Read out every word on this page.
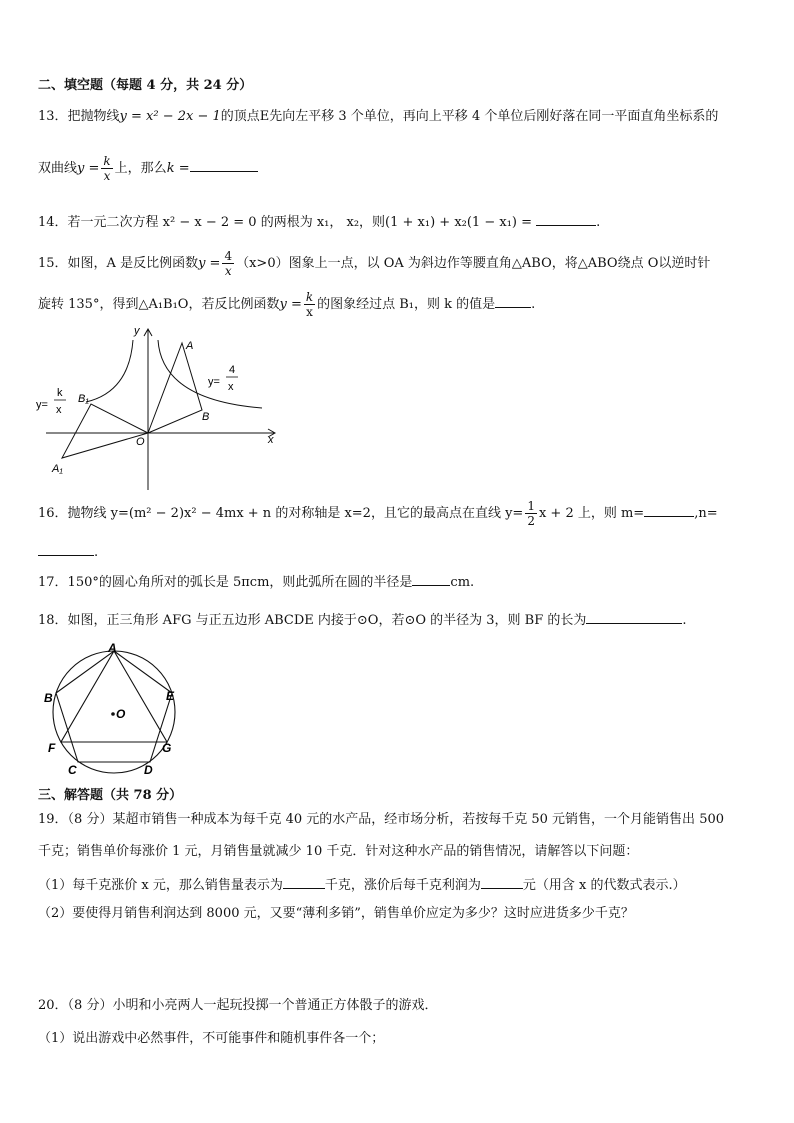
二、填空题（每题 4 分，共 24 分）
13．把抛物线y = x² − 2x − 1的顶点E先向左平移 3 个单位，再向上平移 4 个单位后刚好落在同一平面直角坐标系的
双曲线$y = \frac{k}{x}$ 上，那么k =
14．若一元二次方程 x² − x − 2 = 0 的两根为 x₁， x₂，则(1 + x₁) + x₂(1 − x₁) =	.
15．如图，A 是反比例函数$y = \frac{4}{x} (x>0)$图象上一点，以 OA 为斜边作等腰直角△ABO，将△ABO绕点 O以逆时针
旋转 135°，得到△A₁B₁O，若反比例函数$y = \frac{k}{x}$ 的图象经过点 B₁，则 k 的值是	.
y
x
O
A
B
A₁
B₁
y=
k
x
y=
4
x
16．抛物线 y=(m² − 2)x² − 4mx + n 的对称轴是 x=2，且它的最高点在直线 $y= \frac{1}{2}$ x + 2 上，则 m=	,n=
.
17．150°的圆心角所对的弧长是 5πcm，则此弧所在圆的半径是	cm.
18．如图，正三角形 AFG 与正五边形 ABCDE 内接于⊙O，若⊙O 的半径为 3，则 BF 的长为	.
A
B
C	D
E
F	G
O
三、解答题（共 78 分）
19．（8 分）某超市销售一种成本为每千克 40 元的水产品，经市场分析，若按每千克 50 元销售，一个月能销售出 500
千克；销售单价每涨价 1 元，月销售量就减少 10 千克．针对这种水产品的销售情况，请解答以下问题：
（1）每千克涨价 x 元，那么销售量表示为	千克，涨价后每千克利润为	元（用含 x 的代数式表示.）
（2）要使得月销售利润达到 8000 元，又要“薄利多销”，销售单价应定为多少？这时应进货多少千克？
20．（8 分）小明和小亮两人一起玩投掷一个普通正方体骰子的游戏．
（1）说出游戏中必然事件，不可能事件和随机事件各一个；
